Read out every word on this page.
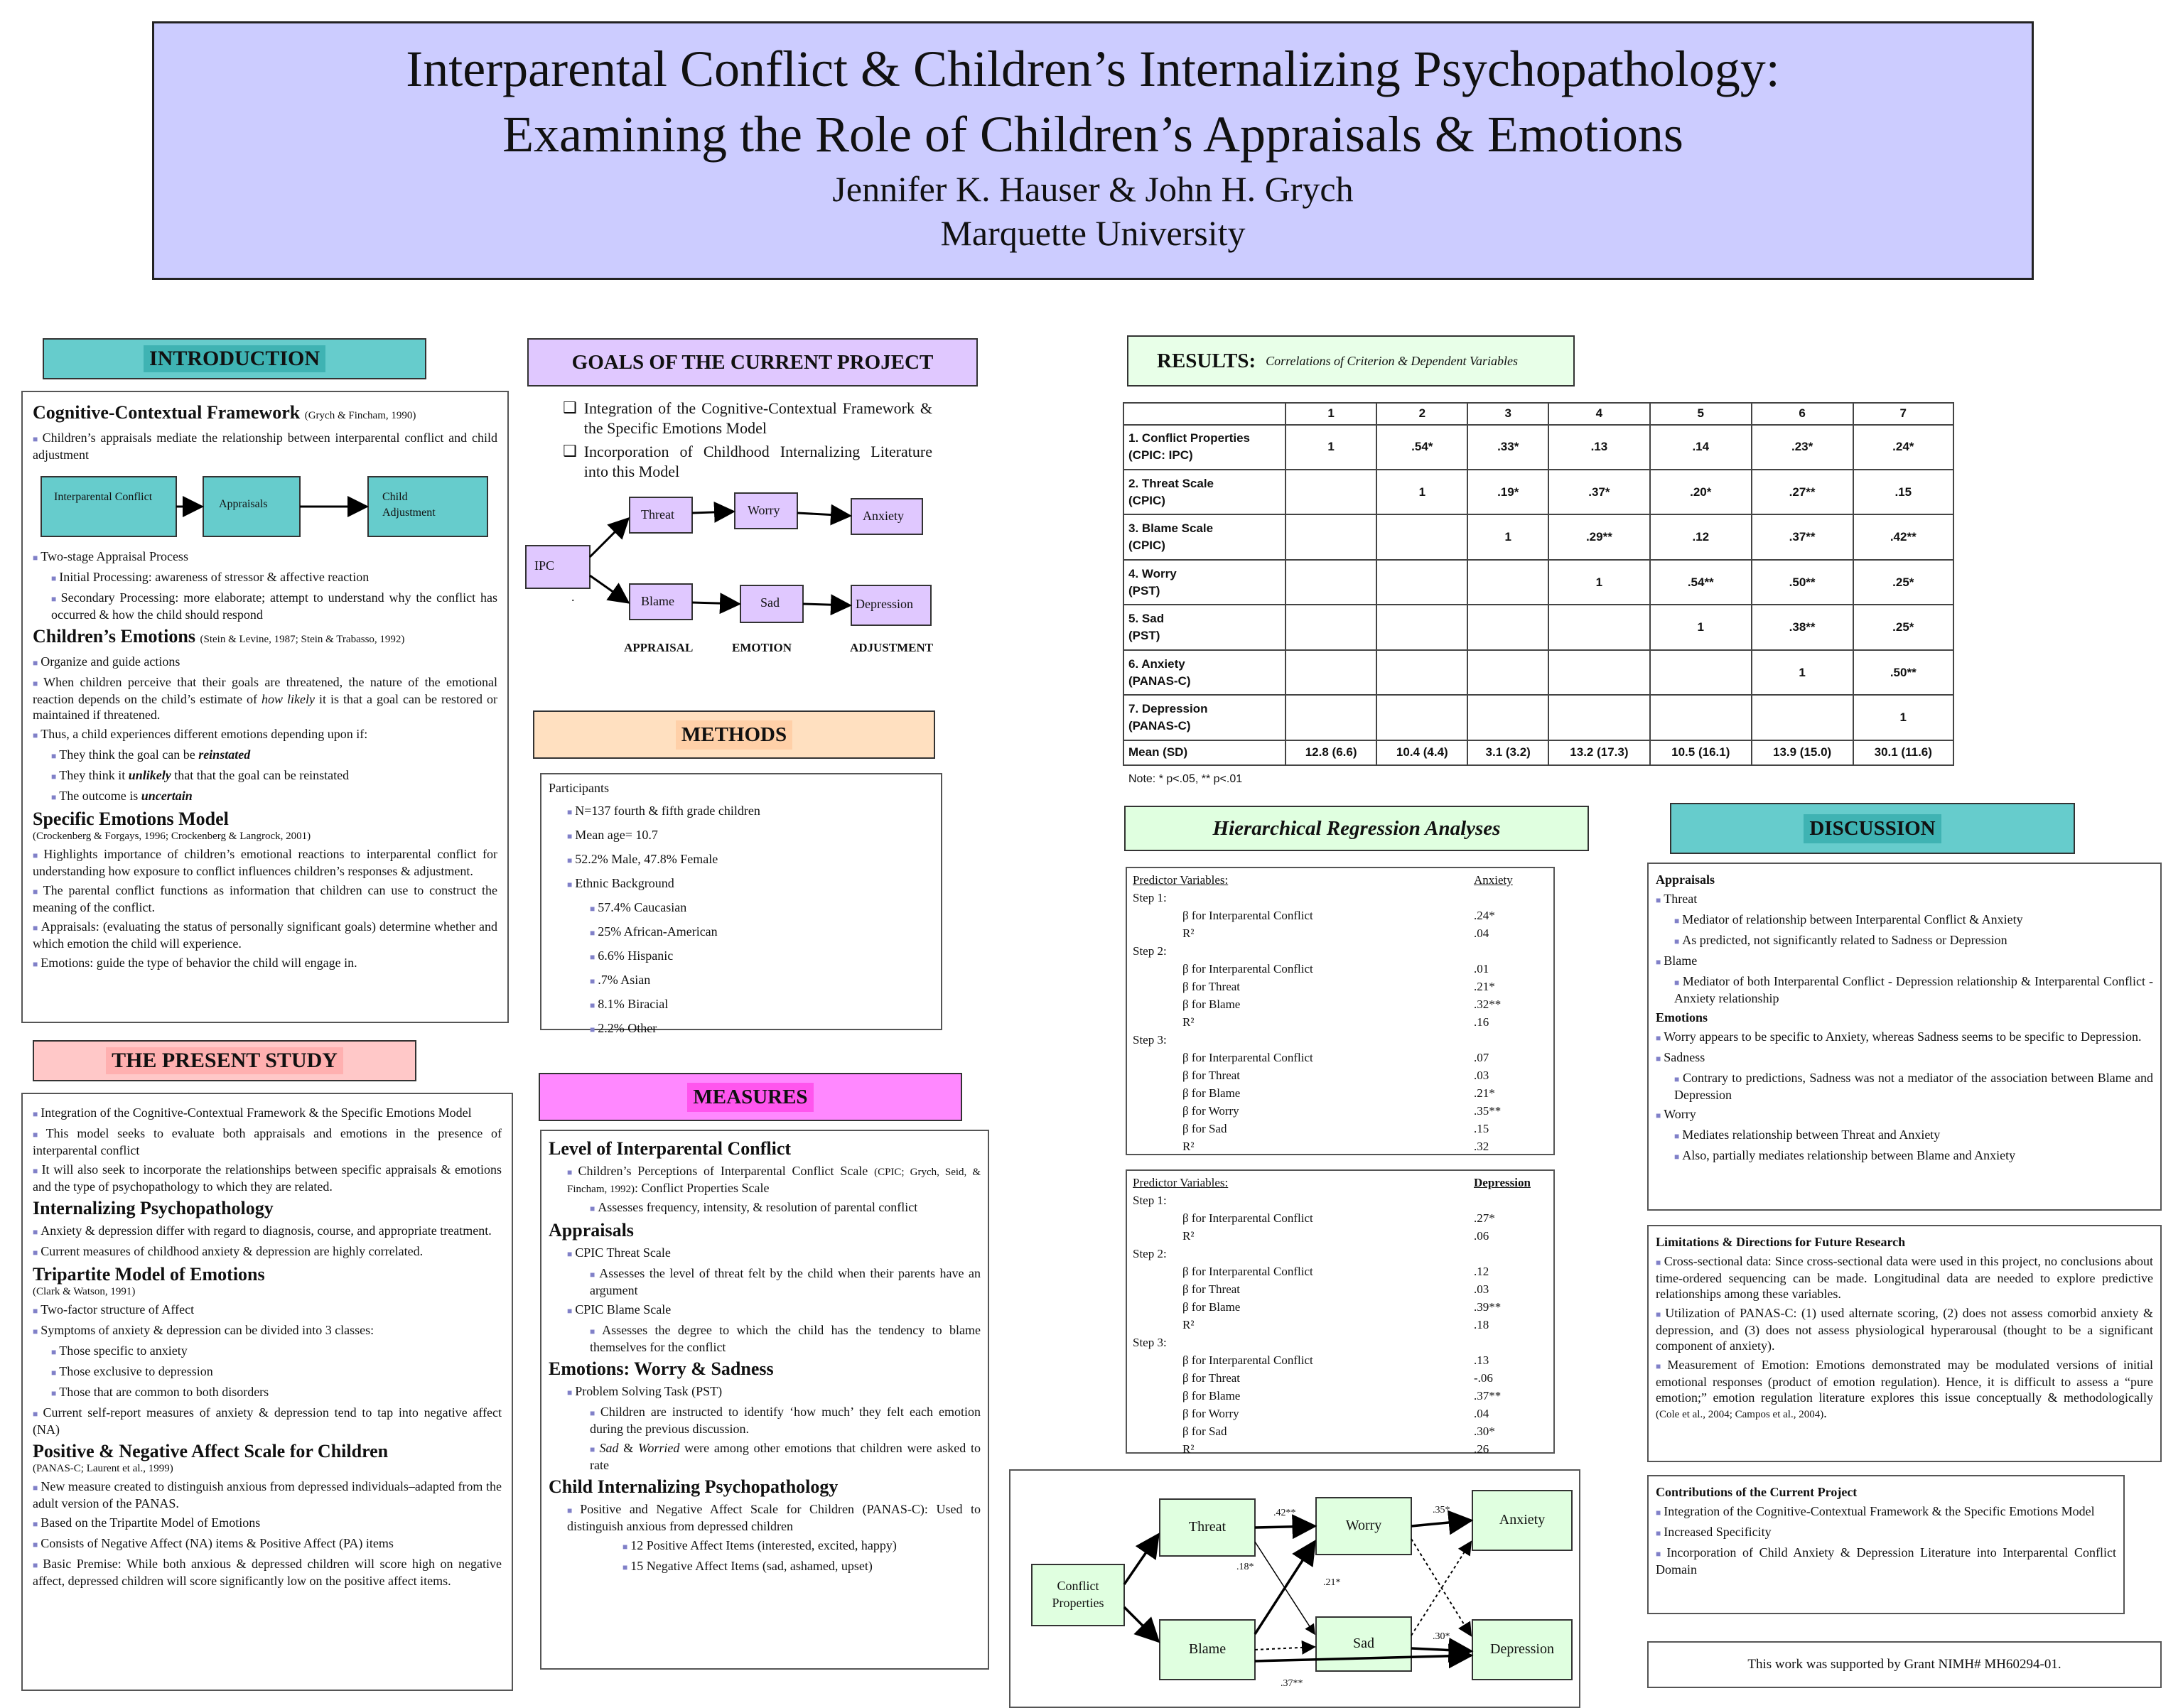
Interparental Conflict & Children’s Internalizing Psychopathology:
Examining the Role of Children’s Appraisals & Emotions
Jennifer K. Hauser & John H. Grych
Marquette University
INTRODUCTION
Cognitive-Contextual Framework (Grych & Fincham, 1990)
■ Children’s appraisals mediate the relationship between interparental conflict and child adjustment
Interparental Conflict
Appraisals
Child Adjustment
■ Two-stage Appraisal Process
■ Initial Processing: awareness of stressor & affective reaction
■ Secondary Processing: more elaborate; attempt to understand why the conflict has occurred & how the child should respond
Children’s Emotions (Stein & Levine, 1987; Stein & Trabasso, 1992)
■ Organize and guide actions
■ When children perceive that their goals are threatened, the nature of the emotional reaction depends on the child’s estimate of how likely it is that a goal can be restored or maintained if threatened.
■ Thus, a child experiences different emotions depending upon if:
■ They think the goal can be reinstated
■ They think it unlikely that that the goal can be reinstated
■ The outcome is uncertain
Specific Emotions Model
(Crockenberg & Forgays, 1996; Crockenberg & Langrock, 2001)
■ Highlights importance of children’s emotional reactions to interparental conflict for understanding how exposure to conflict influences children’s responses & adjustment.
■ The parental conflict functions as information that children can use to construct the meaning of the conflict.
■ Appraisals: (evaluating the status of personally significant goals) determine whether and which emotion the child will experience.
■ Emotions: guide the type of behavior the child will engage in.
THE PRESENT STUDY
■ Integration of the Cognitive-Contextual Framework & the Specific Emotions Model
■ This model seeks to evaluate both appraisals and emotions in the presence of interparental conflict
■ It will also seek to incorporate the relationships between specific appraisals & emotions and the type of psychopathology to which they are related.
Internalizing Psychopathology
■ Anxiety & depression differ with regard to diagnosis, course, and appropriate treatment.
■ Current measures of childhood anxiety & depression are highly correlated.
Tripartite Model of Emotions
(Clark & Watson, 1991)
■ Two-factor structure of Affect
■ Symptoms of anxiety & depression can be divided into 3 classes:
■ Those specific to anxiety
■ Those exclusive to depression
■ Those that are common to both disorders
■ Current self-report measures of anxiety & depression tend to tap into negative affect (NA)
Positive & Negative Affect Scale for Children
(PANAS-C; Laurent et al., 1999)
■ New measure created to distinguish anxious from depressed individuals–adapted from the adult version of the PANAS.
■ Based on the Tripartite Model of Emotions
■ Consists of Negative Affect (NA) items & Positive Affect (PA) items
■ Basic Premise: While both anxious & depressed children will score high on negative affect, depressed children will score significantly low on the positive affect items.
GOALS OF THE CURRENT PROJECT
❑ Integration of the Cognitive-Contextual Framework & the Specific Emotions Model
❑ Incorporation of Childhood Internalizing Literature into this Model
IPC
Threat
Blame
Worry
Sad
Anxiety
Depression
.
APPRAISAL	EMOTION	ADJUSTMENT
METHODS
Participants
■ N=137 fourth & fifth grade children
■ Mean age= 10.7
■ 52.2% Male, 47.8% Female
■ Ethnic Background
■ 57.4% Caucasian
■ 25% African-American
■ 6.6% Hispanic
■ .7% Asian
■ 8.1% Biracial
■ 2.2% Other
MEASURES
Level of Interparental Conflict
■ Children’s Perceptions of Interparental Conflict Scale (CPIC; Grych, Seid, & Fincham, 1992): Conflict Properties Scale
■ Assesses frequency, intensity, & resolution of parental conflict
Appraisals
■ CPIC Threat Scale
■ Assesses the level of threat felt by the child when their parents have an argument
■ CPIC Blame Scale
■ Assesses the degree to which the child has the tendency to blame themselves for the conflict
Emotions: Worry & Sadness
■ Problem Solving Task (PST)
■ Children are instructed to identify ‘how much’ they felt each emotion during the previous discussion.
■ Sad & Worried were among other emotions that children were asked to rate
Child Internalizing Psychopathology
■ Positive and Negative Affect Scale for Children (PANAS-C): Used to distinguish anxious from depressed children
■ 12 Positive Affect Items (interested, excited, happy)
■ 15 Negative Affect Items (sad, ashamed, upset)
RESULTS: Correlations of Criterion & Dependent Variables
	1	2	3	4	5	6	7

1. Conflict Properties
(CPIC: IPC)	1	.54*	.33*	.13	.14	.23*	.24*

2. Threat Scale
(CPIC)		1	.19*	.37*	.20*	.27**	.15

3. Blame Scale
(CPIC)			1	.29**	.12	.37**	.42**

4. Worry
(PST)				1	.54**	.50**	.25*

5. Sad
(PST)					1	.38**	.25*

6. Anxiety
(PANAS-C)						1	.50**

7. Depression
(PANAS-C)							1

Mean (SD)	12.8 (6.6)	10.4 (4.4)	3.1 (3.2)	13.2 (17.3)	10.5 (16.1)	13.9 (15.0)	30.1 (11.6)
Note: * p<.05, ** p<.01
Hierarchical Regression Analyses
Predictor Variables:	Anxiety
Step 1:
β for Interparental Conflict	.24*
R²	.04
Step 2:
β for Interparental Conflict	.01
β for Threat	.21*
β for Blame	.32**
R²	.16
Step 3:
β for Interparental Conflict	.07
β for Threat	.03
β for Blame	.21*
β for Worry	.35**
β for Sad	.15
R²	.32
Predictor Variables:	Depression
Step 1:
β for Interparental Conflict	.27*
R²	.06
Step 2:
β for Interparental Conflict	.12
β for Threat	.03
β for Blame	.39**
R²	.18
Step 3:
β for Interparental Conflict	.13
β for Threat	-.06
β for Blame	.37**
β for Worry	.04
β for Sad	.30*
R²	.26
Conflict
Properties
Threat
Blame
Worry
Sad
Anxiety
Depression
.42**	.35*
.18*
.21*
.30*
.37**
DISCUSSION
Appraisals
■ Threat
■ Mediator of relationship between Interparental Conflict & Anxiety
■ As predicted, not significantly related to Sadness or Depression
■ Blame
■ Mediator of both Interparental Conflict - Depression relationship & Interparental Conflict - Anxiety relationship
Emotions
■ Worry appears to be specific to Anxiety, whereas Sadness seems to be specific to Depression.
■ Sadness
■ Contrary to predictions, Sadness was not a mediator of the association between Blame and Depression
■ Worry
■ Mediates relationship between Threat and Anxiety
■ Also, partially mediates relationship between Blame and Anxiety
Limitations & Directions for Future Research
■ Cross-sectional data: Since cross-sectional data were used in this project, no conclusions about time-ordered sequencing can be made. Longitudinal data are needed to explore predictive relationships among these variables.
■ Utilization of PANAS-C: (1) used alternate scoring, (2) does not assess comorbid anxiety & depression, and (3) does not assess physiological hyperarousal (thought to be a significant component of anxiety).
■ Measurement of Emotion: Emotions demonstrated may be modulated versions of initial emotional responses (product of emotion regulation). Hence, it is difficult to assess a “pure emotion;” emotion regulation literature explores this issue conceptually & methodologically (Cole et al., 2004; Campos et al., 2004).
Contributions of the Current Project
■ Integration of the Cognitive-Contextual Framework & the Specific Emotions Model
■ Increased Specificity
■ Incorporation of Child Anxiety & Depression Literature into Interparental Conflict Domain
This work was supported by Grant NIMH# MH60294-01.
